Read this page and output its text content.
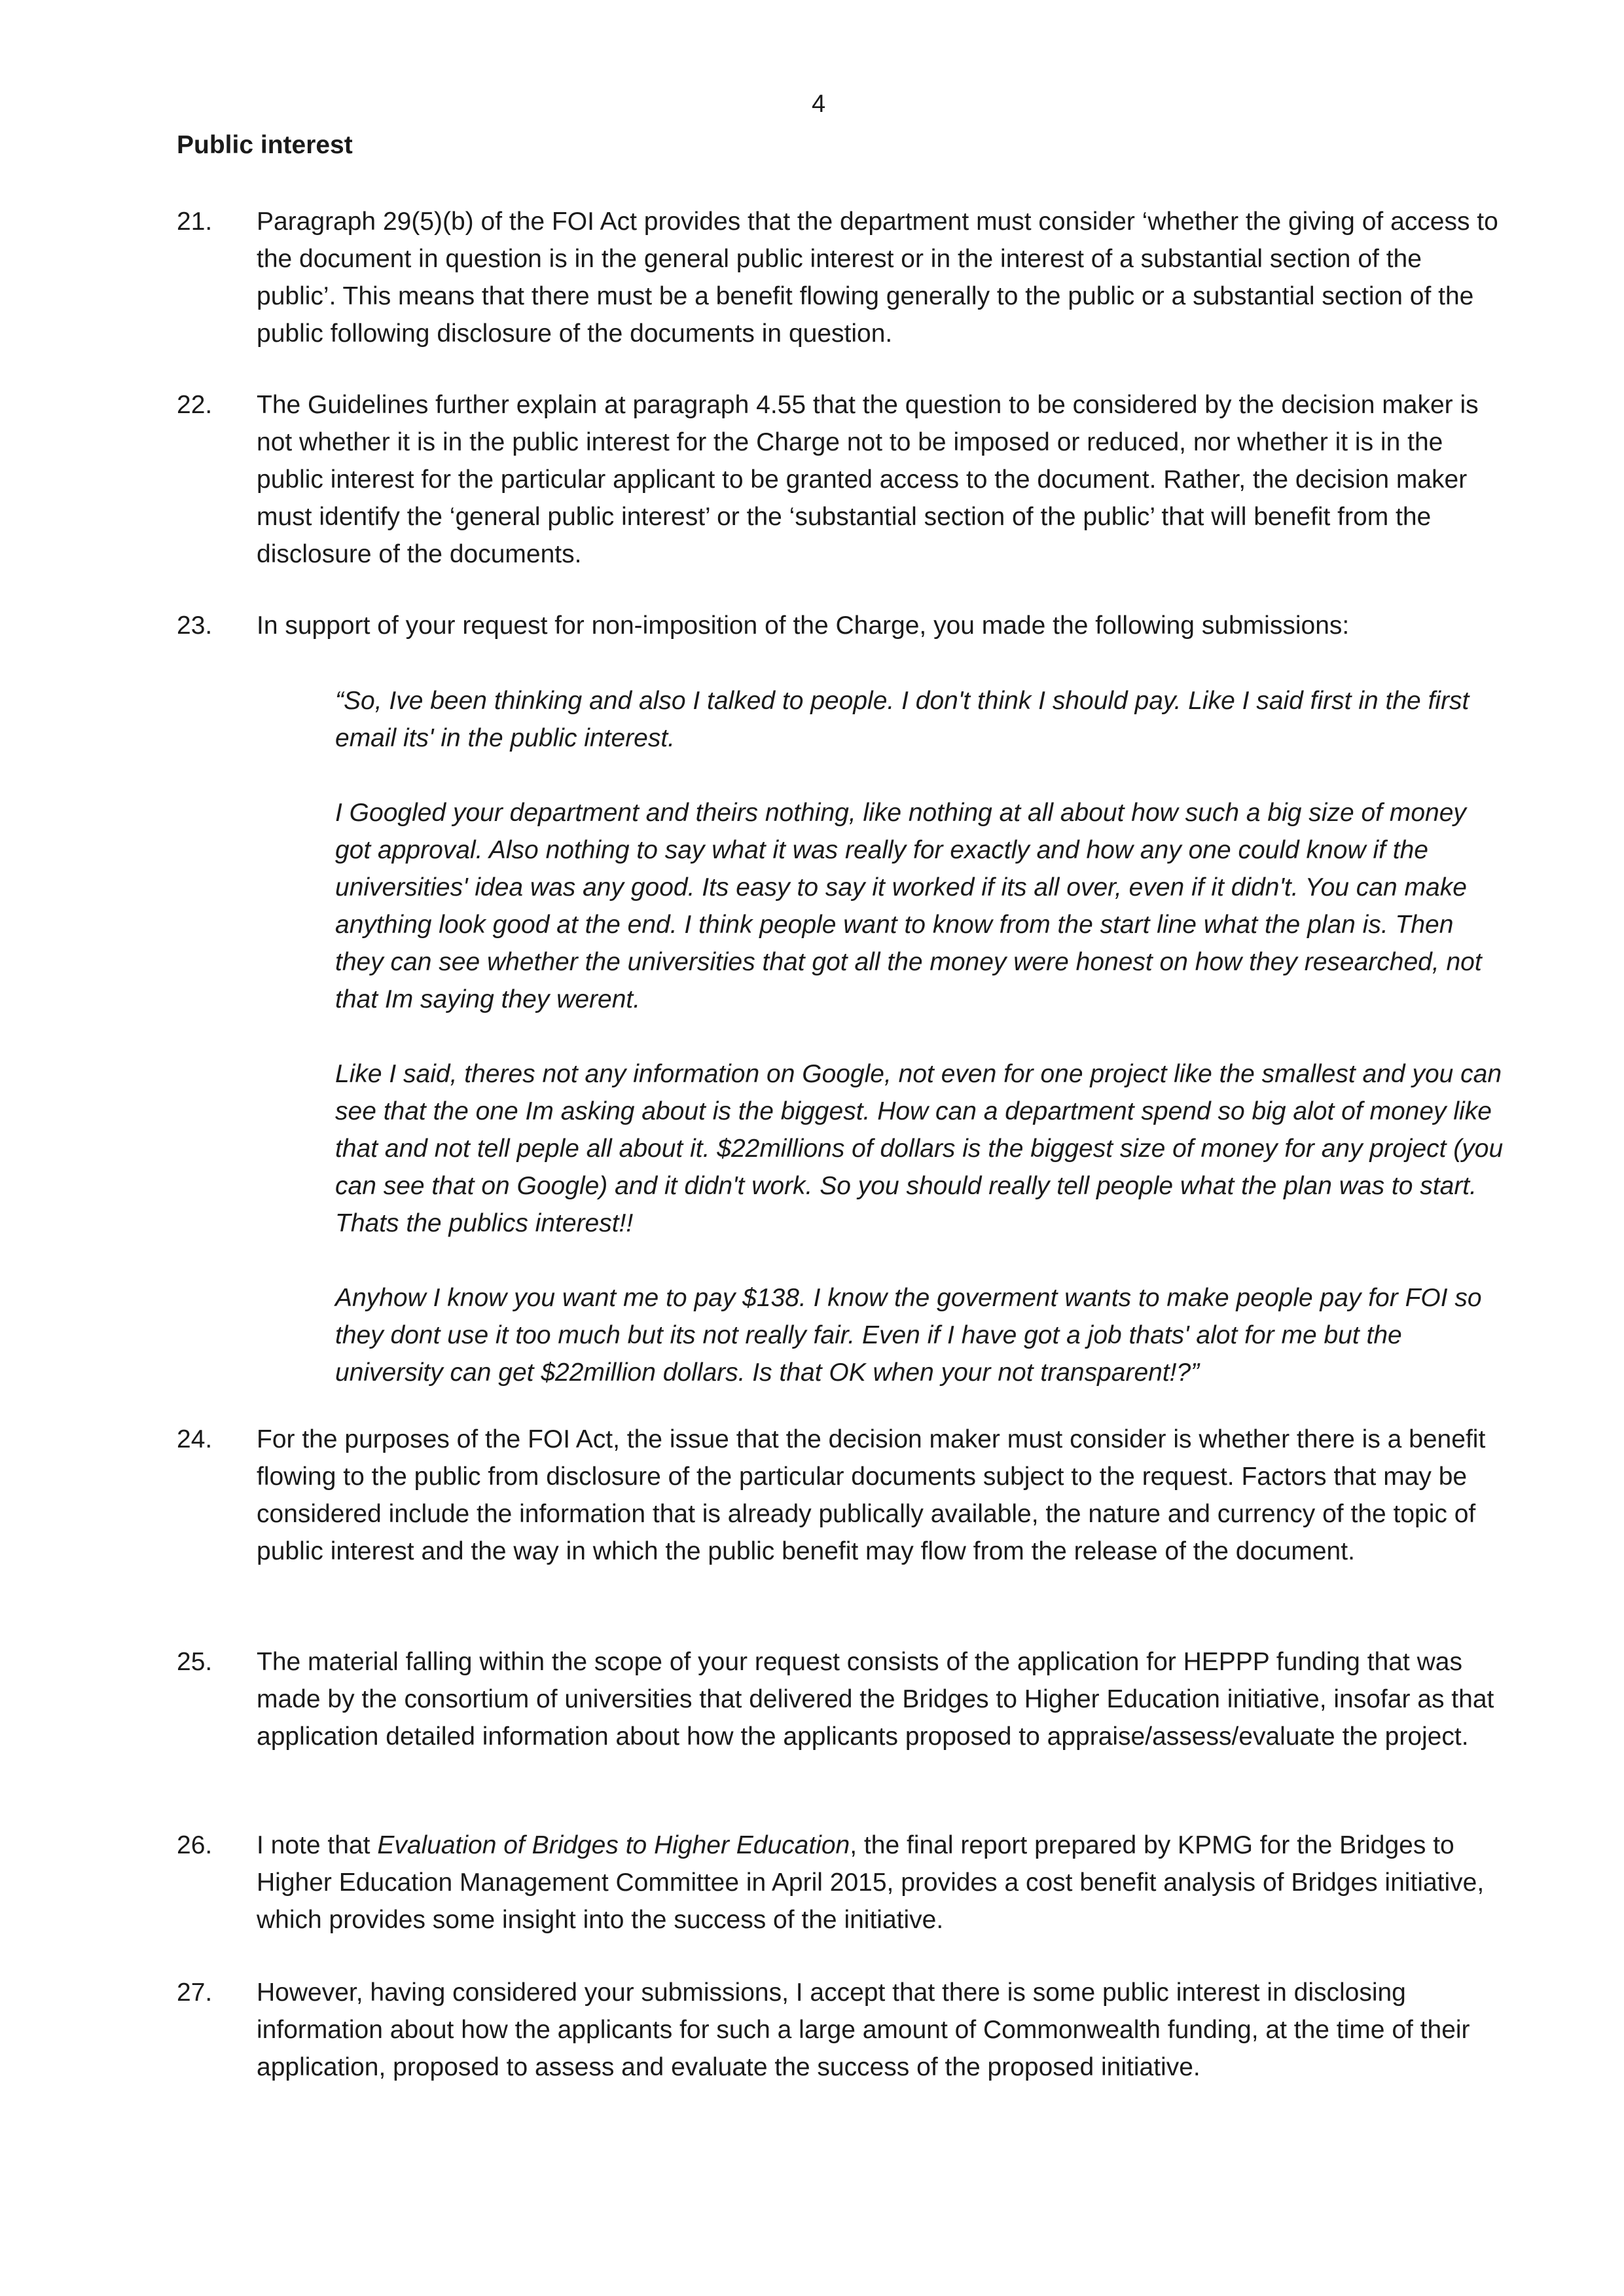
4
Public interest
21. Paragraph 29(5)(b) of the FOI Act provides that the department must consider ‘whether the giving of access to the document in question is in the general public interest or in the interest of a substantial section of the public’. This means that there must be a benefit flowing generally to the public or a substantial section of the public following disclosure of the documents in question.
22. The Guidelines further explain at paragraph 4.55 that the question to be considered by the decision maker is not whether it is in the public interest for the Charge not to be imposed or reduced, nor whether it is in the public interest for the particular applicant to be granted access to the document. Rather, the decision maker must identify the ‘general public interest’ or the ‘substantial section of the public’ that will benefit from the disclosure of the documents.
23. In support of your request for non-imposition of the Charge, you made the following submissions:

“So, Ive been thinking and also I talked to people. I don't think I should pay. Like I said first in the first email its' in the public interest.

I Googled your department and theirs nothing, like nothing at all about how such a big size of money got approval. Also nothing to say what it was really for exactly and how any one could know if the universities' idea was any good. Its easy to say it worked if its all over, even if it didn't. You can make anything look good at the end. I think people want to know from the start line what the plan is. Then they can see whether the universities that got all the money were honest on how they researched, not that Im saying they werent.

Like I said, theres not any information on Google, not even for one project like the smallest and you can see that the one Im asking about is the biggest. How can a department spend so big alot of money like that and not tell peple all about it. $22millions of dollars is the biggest size of money for any project (you can see that on Google) and it didn't work. So you should really tell people what the plan was to start. Thats the publics interest!!

Anyhow I know you want me to pay $138. I know the goverment wants to make people pay for FOI so they dont use it too much but its not really fair. Even if I have got a job thats' alot for me but the university can get $22million dollars. Is that OK when your not transparent!?”

24. For the purposes of the FOI Act, the issue that the decision maker must consider is whether there is a benefit flowing to the public from disclosure of the particular documents subject to the request. Factors that may be considered include the information that is already publically available, the nature and currency of the topic of public interest and the way in which the public benefit may flow from the release of the document.
25. The material falling within the scope of your request consists of the application for HEPPP funding that was made by the consortium of universities that delivered the Bridges to Higher Education initiative, insofar as that application detailed information about how the applicants proposed to appraise/assess/evaluate the project.
26. I note that Evaluation of Bridges to Higher Education, the final report prepared by KPMG for the Bridges to Higher Education Management Committee in April 2015, provides a cost benefit analysis of Bridges initiative, which provides some insight into the success of the initiative.
27. However, having considered your submissions, I accept that there is some public interest in disclosing information about how the applicants for such a large amount of Commonwealth funding, at the time of their application, proposed to assess and evaluate the success of the proposed initiative.
